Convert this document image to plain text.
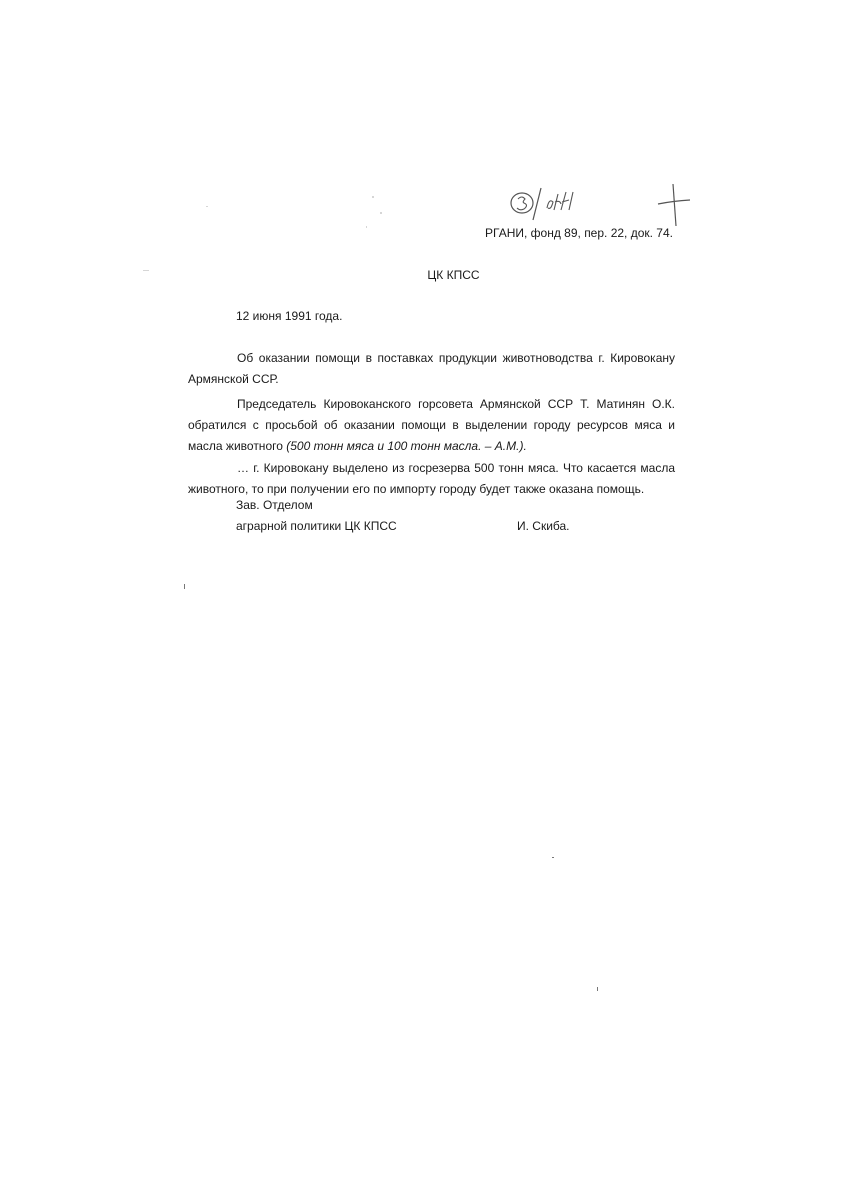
РГАНИ, фонд 89, пер. 22, док. 74.
ЦК КПСС
12 июня 1991 года.

Об оказании помощи в поставках продукции животноводства г. Кировокану Армянской ССР.

Председатель Кировоканского горсовета Армянской ССР Т. Матинян О.К. обратился с просьбой об оказании помощи в выделении городу ресурсов мяса и масла животного (500 тонн мяса и 100 тонн масла. – А.М.).

… г. Кировокану выделено из госрезерва 500 тонн мяса. Что касается масла животного, то при получении его по импорту городу будет также оказана помощь.

Зав. Отделом
аграрной политики ЦК КПСС	И. Скиба.
